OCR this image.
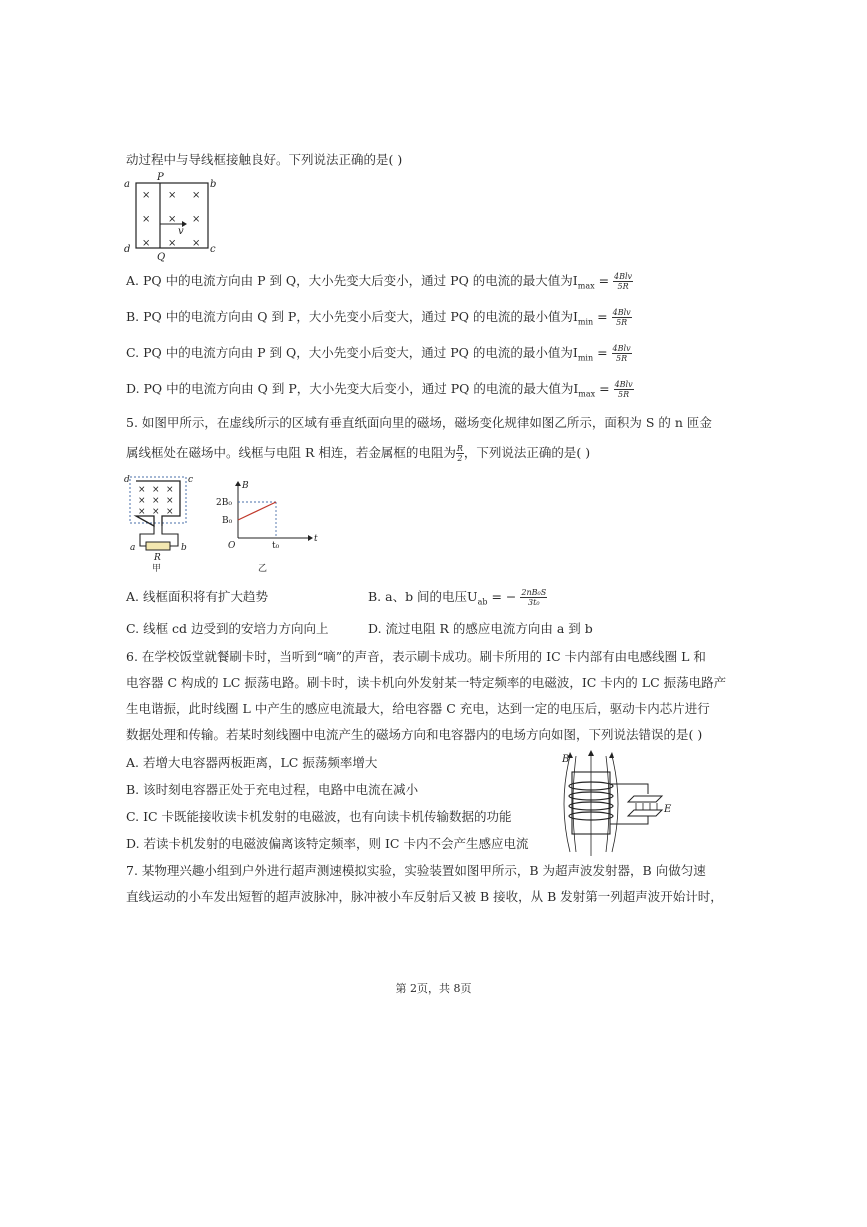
动过程中与导线框接触良好。下列说法正确的是( )
× × ×
× × ×
× × ×
a	b
d	c
P
Q
v
A. PQ 中的电流方向由 P 到 Q，大小先变大后变小，通过 PQ 的电流的最大值为$I_{max} = \frac{\text{4Blv}}{5R}$
B. PQ 中的电流方向由 Q 到 P，大小先变小后变大，通过 PQ 的电流的最小值为$I_{min} = \frac{\text{4Blv}}{5R}$
C. PQ 中的电流方向由 P 到 Q，大小先变小后变大，通过 PQ 的电流的最小值为$I_{min} = \frac{\text{4Blv}}{5R}$
D. PQ 中的电流方向由 Q 到 P，大小先变大后变小，通过 PQ 的电流的最大值为$I_{max} = \frac{\text{4Blv}}{5R}$
5. 如图甲所示，在虚线所示的区域有垂直纸面向里的磁场，磁场变化规律如图乙所示，面积为 S 的 n 匝金
属线框处在磁场中。线框与电阻 R 相连，若金属框的电阻为 $\frac{R}{2}$ ，下列说法正确的是( )
× × ×
× × ×
× × ×
d	c
a	b
R
甲
B
t
O
2B₀
B₀
t₀
乙
A. 线框面积将有扩大趋势	B. a、b 间的电压$U_{ab}$ = − $\frac{\text{2nB₀S}}{\text{3t₀}}$
C. 线框 cd 边受到的安培力方向向上	D. 流过电阻 R 的感应电流方向由 a 到 b
6. 在学校饭堂就餐刷卡时，当听到“嘀”的声音，表示刷卡成功。刷卡所用的 IC 卡内部有由电感线圈 L 和
电容器 C 构成的 LC 振荡电路。刷卡时，读卡机向外发射某一特定频率的电磁波，IC 卡内的 LC 振荡电路产
生电谐振，此时线圈 L 中产生的感应电流最大，给电容器 C 充电，达到一定的电压后，驱动卡内芯片进行
数据处理和传输。若某时刻线圈中电流产生的磁场方向和电容器内的电场方向如图，下列说法错误的是( )
A. 若增大电容器两板距离，LC 振荡频率增大
B. 该时刻电容器正处于充电过程，电路中电流在减小
C. IC 卡既能接收读卡机发射的电磁波，也有向读卡机传输数据的功能
D. 若读卡机发射的电磁波偏离该特定频率，则 IC 卡内不会产生感应电流
B
E
7. 某物理兴趣小组到户外进行超声测速模拟实验，实验装置如图甲所示，B 为超声波发射器，B 向做匀速
直线运动的小车发出短暂的超声波脉冲，脉冲被小车反射后又被 B 接收，从 B 发射第一列超声波开始计时，
第 2页，共 8页
